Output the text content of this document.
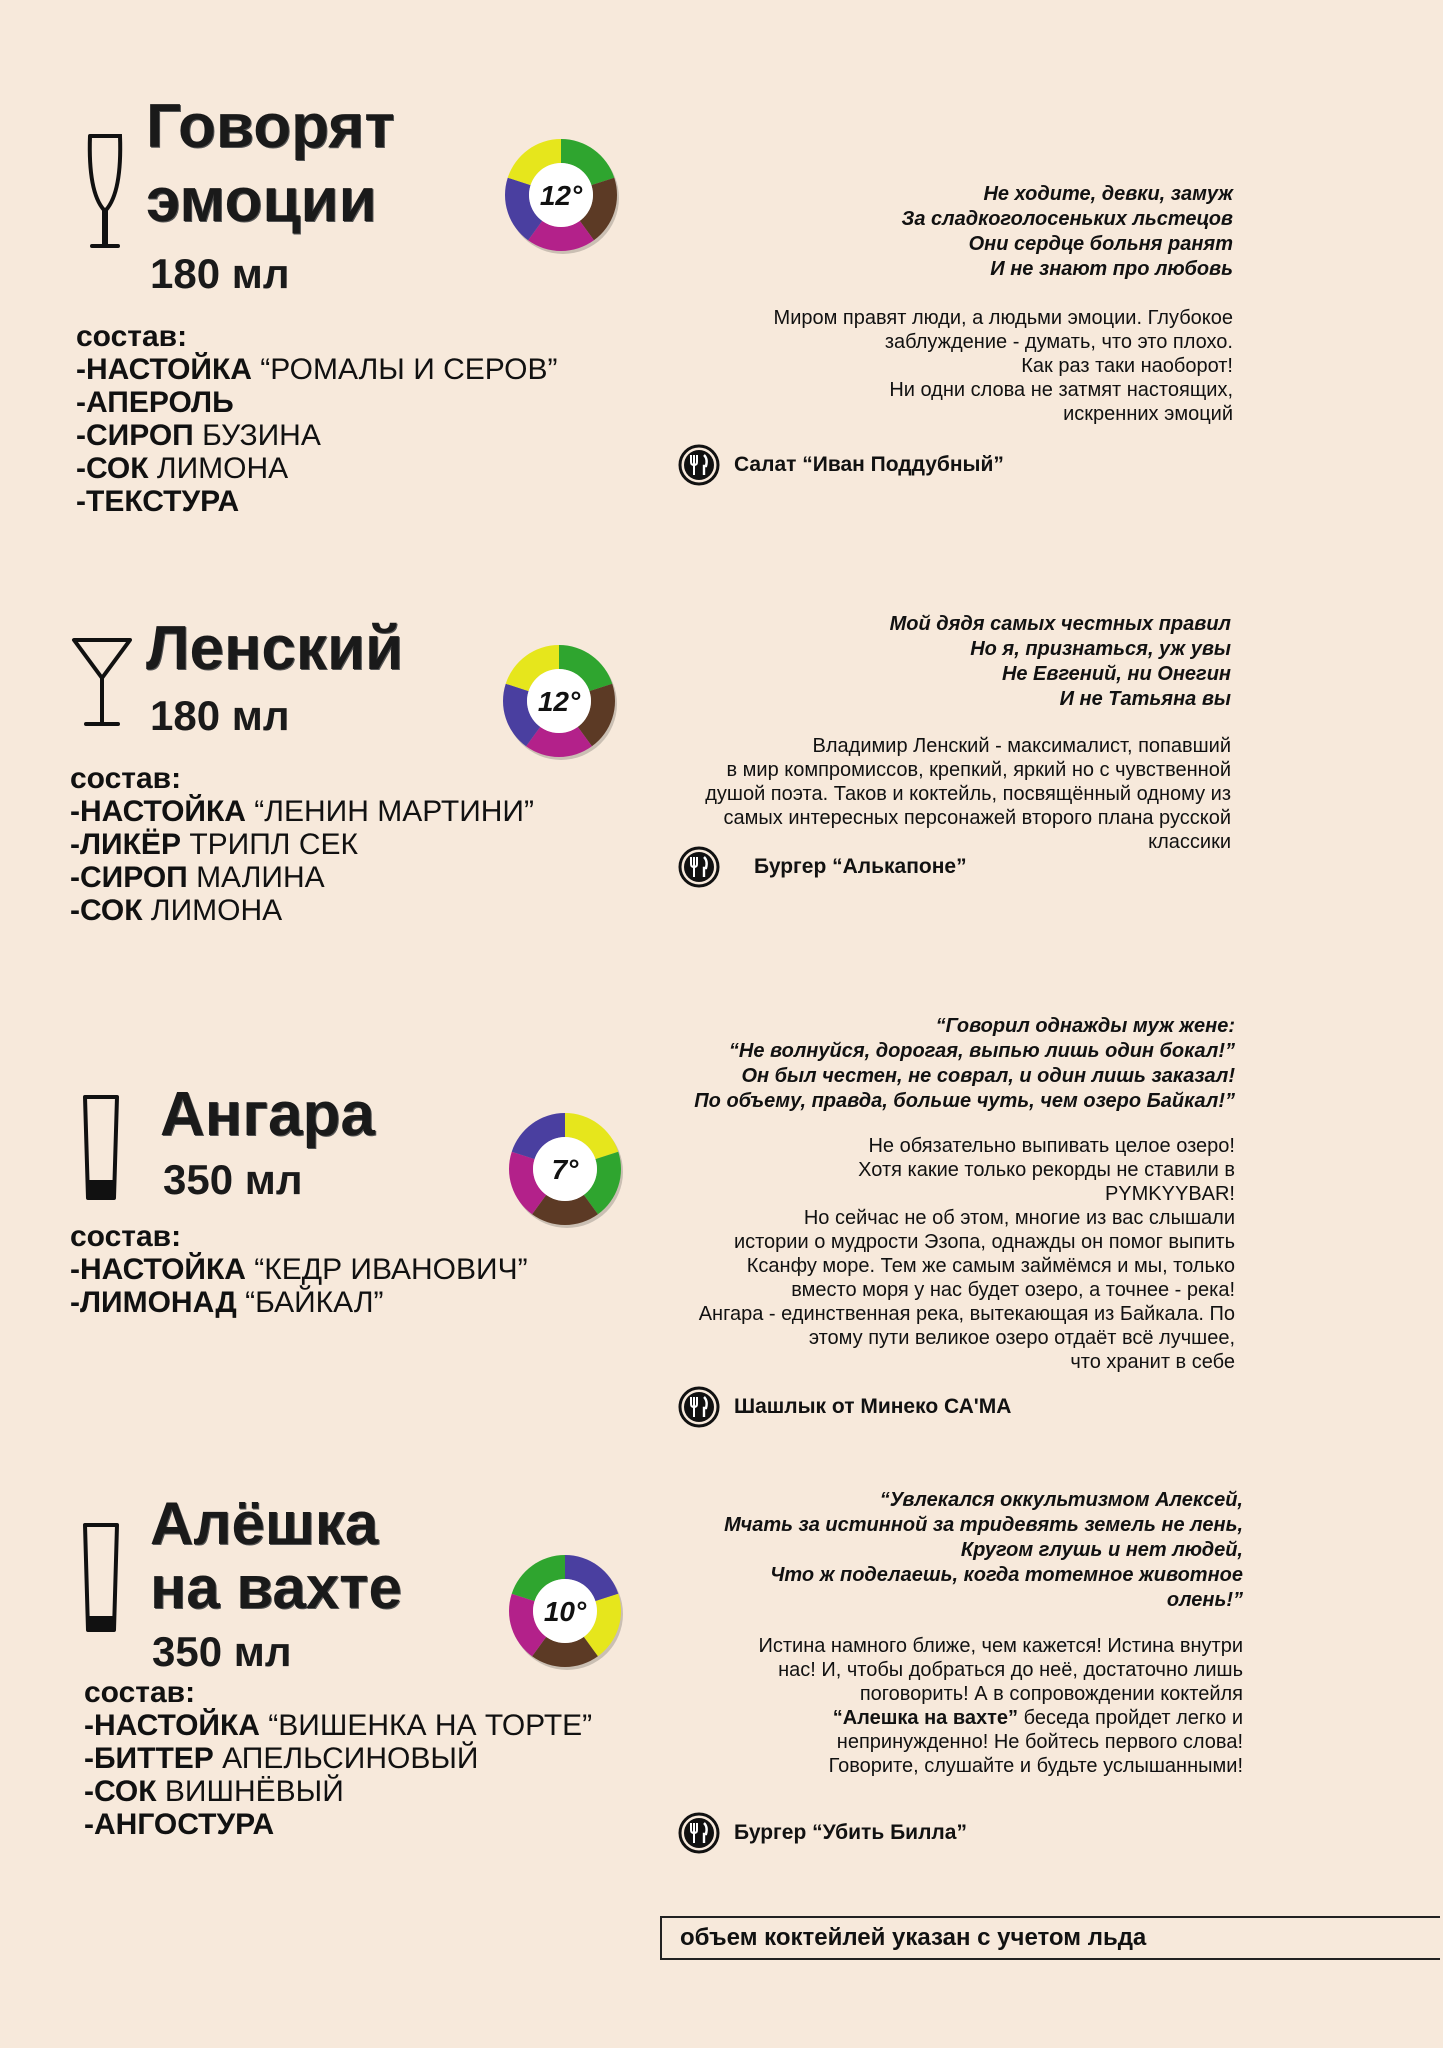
Говорят
эмоции
180 мл
состав:
-НАСТОЙКА “РОМАЛЫ И СЕРОВ”
-АПЕРОЛЬ
-СИРОП БУЗИНА
-СОК ЛИМОНА
-ТЕКСТУРА
12°	Не ходите, девки, замуж
За сладкоголосеньких льстецов
Они сердце больня ранят
И не знают про любовь
Миром правят люди, а людьми эмоции. Глубокое
заблуждение - думать, что это плохо.
Как раз таки наоборот!
Ни одни слова не затмят настоящих,
искренних эмоций
Салат “Иван Поддубный”
Ленский
180 мл
состав:
-НАСТОЙКА “ЛЕНИН МАРТИНИ”
-ЛИКЁР ТРИПЛ СЕК
-СИРОП МАЛИНА
-СОК ЛИМОНА
12°
Мой дядя самых честных правил
Но я, признаться, уж увы
Не Евгений, ни Онегин
И не Татьяна вы
Владимир Ленский - максималист, попавший
в мир компромиссов, крепкий, яркий но с чувственной
душой поэта. Таков и коктейль, посвящённый одному из
самых интересных персонажей второго плана русской
классики
Бургер “Алькапоне”
Ангара
350 мл
состав:
-НАСТОЙКА “КЕДР ИВАНОВИЧ”
-ЛИМОНАД “БАЙКАЛ”
7°
“Говорил однажды муж жене:
“Не волнуйся, дорогая, выпью лишь один бокал!”
Он был честен, не соврал, и один лишь заказал!
По объему, правда, больше чуть, чем озеро Байкал!”
Не обязательно выпивать целое озеро!
Хотя какие только рекорды не ставили в
PYMKYYBAR!
Но сейчас не об этом, многие из вас слышали
истории о мудрости Эзопа, однажды он помог выпить
Ксанфу море. Тем же самым займёмся и мы, только
вместо моря у нас будет озеро, а точнее - река!
Ангара - единственная река, вытекающая из Байкала. По
этому пути великое озеро отдаёт всё лучшее,
что хранит в себе
Шашлык от Минеко СА'МА
Алёшка
на вахте
350 мл
состав:
-НАСТОЙКА “ВИШЕНКА НА ТОРТЕ”
-БИТТЕР АПЕЛЬСИНОВЫЙ
-СОК ВИШНЁВЫЙ
-АНГОСТУРА
10°
“Увлекался оккультизмом Алексей,
Мчать за истинной за тридевять земель не лень,
Кругом глушь и нет людей,
Что ж поделаешь, когда тотемное животное
олень!”
Истина намного ближе, чем кажется! Истина внутри
нас! И, чтобы добраться до неё, достаточно лишь
поговорить! А в сопровождении коктейля
“Алешка на вахте” беседа пройдет легко и
непринужденно! Не бойтесь первого слова!
Говорите, слушайте и будьте услышанными!
Бургер “Убить Билла”
объем коктейлей указан с учетом льда
